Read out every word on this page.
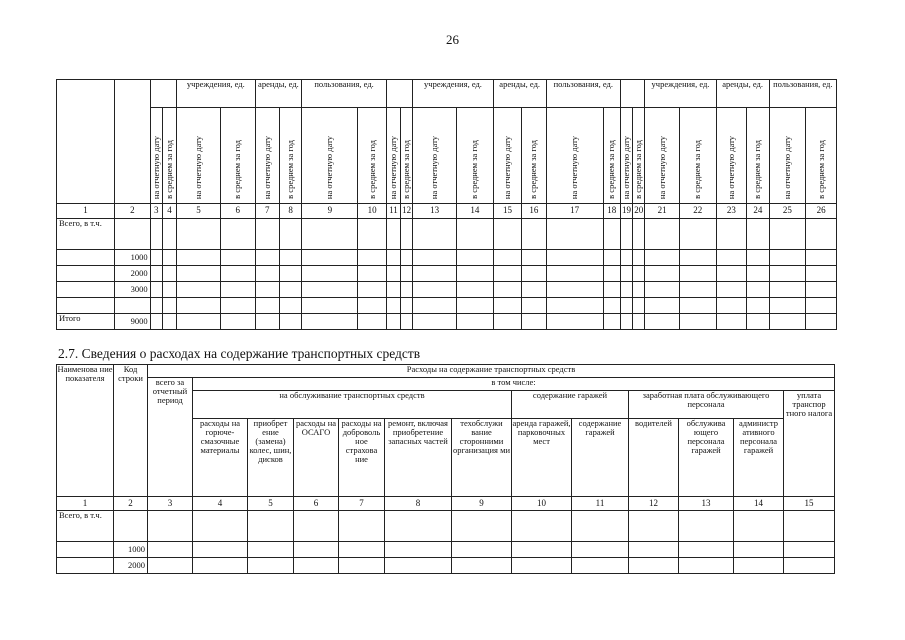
26
				учреждения, ед.		аренды, ед.		пользования, ед.				учреждения, ед.		аренды, ед.		пользования, ед.				учреждения, ед.		аренды, ед.		пользования, ед.	
		на отчетную дату	в среднем за год	на отчетную дату	в среднем за год	на отчетную дату	в среднем за год	на отчетную дату	в среднем за год	на отчетную дату	в среднем за год	на отчетную дату	в среднем за год	на отчетную дату	в среднем за год	на отчетную дату	в среднем за год	на отчетную дату	в среднем за год	на отчетную дату	в среднем за год	на отчетную дату	в среднем за год	на отчетную дату	в среднем за год
1	2	3	4	5	6	7	8	9	10	11	12	13	14	15	16	17	18	19	20	21	22	23	24	25	26
Всего, в т.ч.																									
	1000																								
	2000																								
	3000																								

Итого	9000																								
2.7. Сведения о расходах на содержание транспортных средств
Наименова ние показателя	Код строки	Расходы на содержание транспортных средств												
		всего за отчетный период	в том числе:											
			на обслуживание транспортных средств						содержание гаражей		заработная плата обслуживающего персонала			уплата транспор тного налога
			расходы на горюче-смазочные материалы	приобрет ение (замена) колес, шин, дисков	расходы на ОСАГО	расходы на доброволь ное страхова ние	ремонт, включая приобретение запасных частей	техобслужи вание сторонними организация ми	аренда гаражей, парковочных мест	содержание гаражей	водителей	обслужива ющего персонала гаражей	администр ативного персонала гаражей	
1	2	3	4	5	6	7	8	9	10	11	12	13	14	15
Всего, в т.ч.														
	1000													
	2000													
